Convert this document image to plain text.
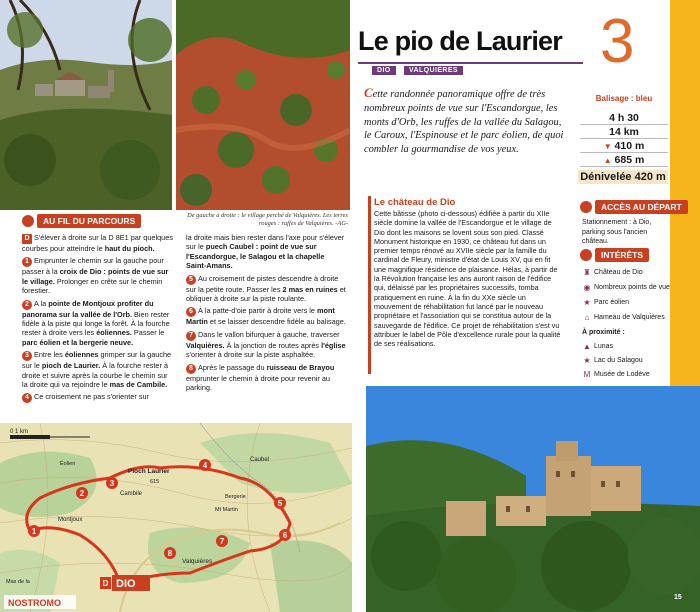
De gauche à droite : le village perché de Valquières. Les terres rouges : ruffes de Valquières. -AG-
AU FIL DU PARCOURS

D S'élever à droite sur la D 8E1 par quelques courbes pour atteindre le haut du pioch.

1 Emprunter le chemin sur la gauche pour passer à la croix de Dio : points de vue sur le village. Prolonger en crête sur le chemin forestier.

2 A la pointe de Montjoux profiter du panorama sur la vallée de l'Orb. Bien rester fidèle à la piste qui longe la forêt. À la fourche rester à droite vers les éoliennes. Passer le parc éolien et la bergerie neuve.

3 Entre les éoliennes grimper sur la gauche sur le pioch de Laurier. À la fourche rester à droite et suivre après la courbe le chemin sur la droite qui va rejoindre le mas de Cambile.

4 Ce croisement ne pas s'orienter sur

la droite mais bien rester dans l'axe pour s'élever sur le puech Caubel : point de vue sur l'Escandorgue, le Salagou et la chapelle Saint-Amans.

5 Au croisement de pistes descendre à droite sur la petite route. Passer les 2 mas en ruines et obliquer à droite sur la piste roulante.

6 À la patte-d'oie partir à droite vers le mont Martin et se laisser descendre fidèle au balisage.

7 Dans le vallon bifurquer à gauche, traverser Valquières. À la jonction de routes après l'église s'orienter à droite sur la piste asphaltée.

8 Après le passage du ruisseau de Brayou emprunter le chemin à droite pour revenir au parking.

0 1 km
Pioch Laurier
615
Cambile
Caubel
Montjoux
Valquières
Mt Martin
Bergerie
Éolien
Mas de la	DIO
1
2
3
4
5
6
7
8
D
NOSTROMO
Le pio de Laurier
DIO	VALQUIÈRES 3
Cette randonnée panoramique offre de très nombreux points de vue sur l'Escandorgue, les monts d'Orb, les ruffes de la vallée du Salagou, le Caroux, l'Espinouse et le parc éolien, de quoi combler la gourmandise de vos yeux.
Le château de Dio
Cette bâtisse (photo ci-dessous) édifiée à partir du XIIe siècle domine la vallée de l'Escandorgue et le village de Dio dont les maisons se lovent sous son pied. Classé Monument historique en 1930, ce château fut dans un premier temps rénové au XVIIe siècle par la famille du cardinal de Fleury, ministre d'état de Louis XV, qui en fit une magnifique résidence de plaisance. Hélas, à partir de la Révolution française les ans auront raison de l'édifice qui, délaissé par les propriétaires successifs, tomba pratiquement en ruine. À la fin du XXe siècle un mouvement de réhabilitation fut lancé par le nouveau propriétaire et l'association qui se constitua autour de la sauvegarde de l'édifice. Ce projet de réhabilitation s'est vu attribuer le label de Pôle d'excellence rurale pour la qualité de ses réalisations.
Balisage : bleu
4 h 30
14 km
▼ 410 m
▲ 685 m
Dénivelée 420 m
ACCÈS AU DÉPART
Stationnement : à Dio, parking sous l'ancien château.
INTÉRÊTS
♜ Château de Dio
◉ Nombreux points de vue
★ Parc éolien
⌂ Hameau de Valquières
À proximité :
▲ Lunas
★ Lac du Salagou
M Musée de Lodève
15
